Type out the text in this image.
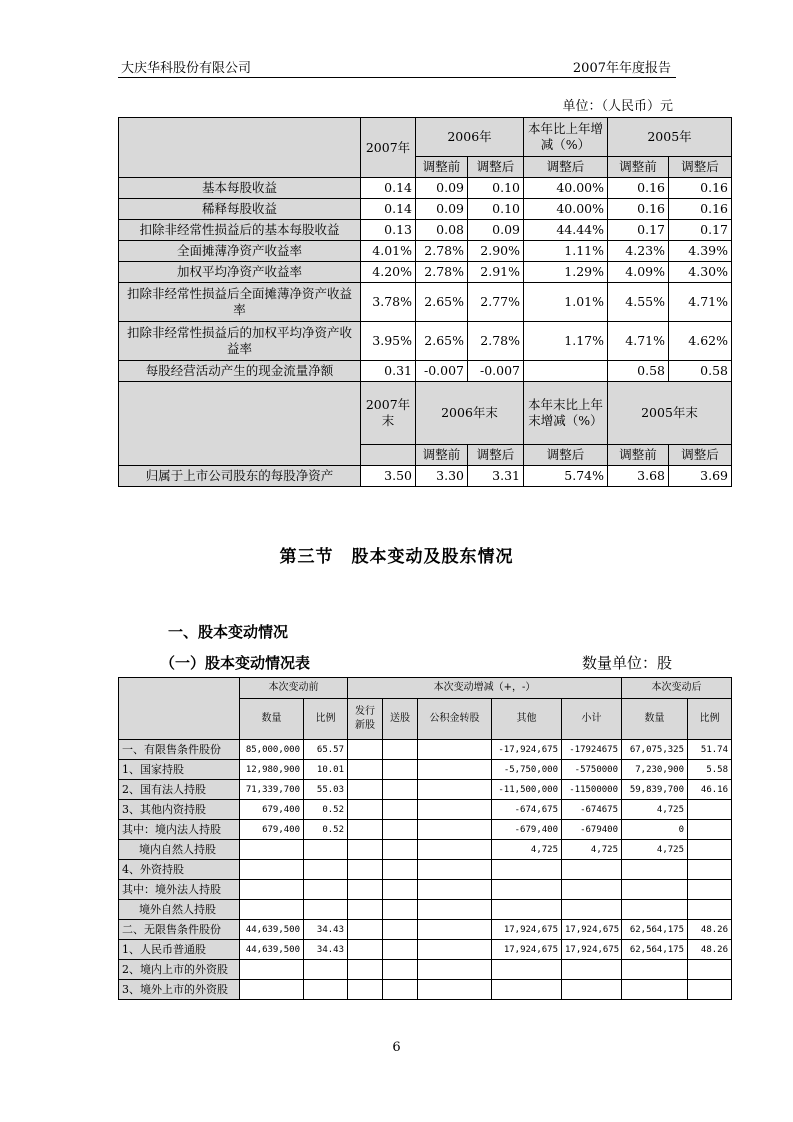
大庆华科股份有限公司	2007年年度报告
单位：（人民币）元
	2007年	2006年		本年比上年增减（%）	2005年	
		调整前	调整后	调整后	调整前	调整后
基本每股收益	0.14	0.09	0.10	40.00%	0.16	0.16
稀释每股收益	0.14	0.09	0.10	40.00%	0.16	0.16
扣除非经常性损益后的基本每股收益	0.13	0.08	0.09	44.44%	0.17	0.17
全面摊薄净资产收益率	4.01%	2.78%	2.90%	1.11%	4.23%	4.39%
加权平均净资产收益率	4.20%	2.78%	2.91%	1.29%	4.09%	4.30%
扣除非经常性损益后全面摊薄净资产收益率	3.78%	2.65%	2.77%	1.01%	4.55%	4.71%
扣除非经常性损益后的加权平均净资产收益率	3.95%	2.65%	2.78%	1.17%	4.71%	4.62%
每股经营活动产生的现金流量净额	0.31	-0.007	-0.007		0.58	0.58
	2007年末	2006年末		本年末比上年末增减（%）	2005年末	
		调整前	调整后	调整后	调整前	调整后
归属于上市公司股东的每股净资产	3.50	3.30	3.31	5.74%	3.68	3.69
第三节　股本变动及股东情况
一、股本变动情况
（一）股本变动情况表	数量单位：股
	本次变动前		本次变动增减（+，-）					本次变动后	
	数量	比例	发行新股	送股	公积金转股	其他	小计	数量	比例
一、有限售条件股份	85,000,000	65.57				-17,924,675	-17924675	67,075,325	51.74
1、国家持股	12,980,900	10.01				-5,750,000	-5750000	7,230,900	5.58
2、国有法人持股	71,339,700	55.03				-11,500,000	-11500000	59,839,700	46.16
3、其他内资持股	679,400	0.52				-674,675	-674675	4,725	
其中：境内法人持股	679,400	0.52				-679,400	-679400	0	
境内自然人持股						4,725	4,725	4,725	
4、外资持股									
其中：境外法人持股									
境外自然人持股									
二、无限售条件股份	44,639,500	34.43				17,924,675	17,924,675	62,564,175	48.26
1、人民币普通股	44,639,500	34.43				17,924,675	17,924,675	62,564,175	48.26
2、境内上市的外资股									
3、境外上市的外资股									
6
